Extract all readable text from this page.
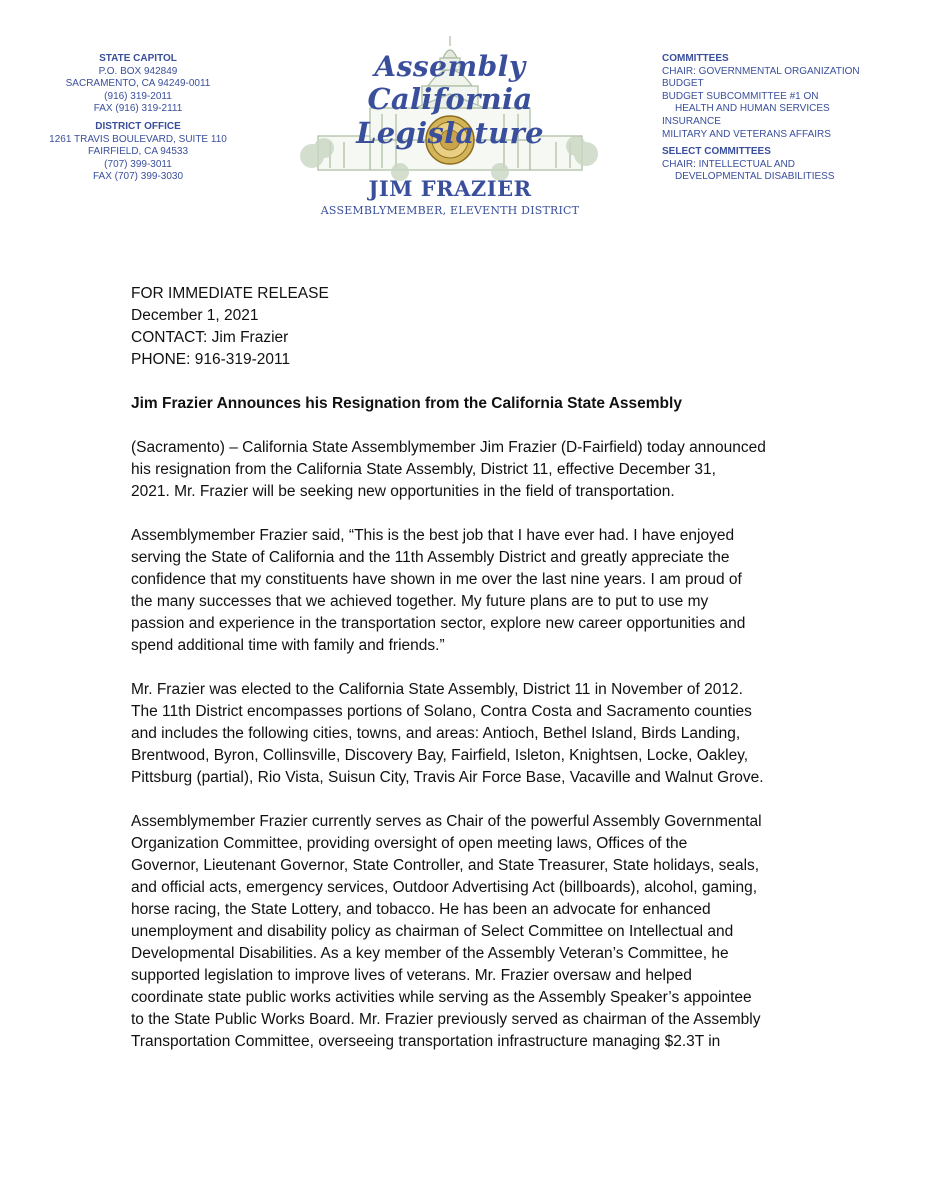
STATE CAPITOL
P.O. BOX 942849
SACRAMENTO, CA 94249-0011
(916) 319-2011
FAX (916) 319-2111
DISTRICT OFFICE
1261 TRAVIS BOULEVARD, SUITE 110
FAIRFIELD, CA 94533
(707) 399-3011
FAX (707) 399-3030
Assembly
California Legislature
JIM FRAZIER
ASSEMBLYMEMBER, ELEVENTH DISTRICT
COMMITTEES
CHAIR: GOVERNMENTAL ORGANIZATION
BUDGET
BUDGET SUBCOMMITTEE #1 ON
HEALTH AND HUMAN SERVICES
INSURANCE
MILITARY AND VETERANS AFFAIRS
SELECT COMMITTEES
CHAIR: INTELLECTUAL AND
DEVELOPMENTAL DISABILITIESS
FOR IMMEDIATE RELEASE
December 1, 2021
CONTACT: Jim Frazier
PHONE: 916-319-2011
Jim Frazier Announces his Resignation from the California State Assembly
(Sacramento) – California State Assemblymember Jim Frazier (D-Fairfield) today announced
his resignation from the California State Assembly, District 11, effective December 31,
2021. Mr. Frazier will be seeking new opportunities in the field of transportation.
Assemblymember Frazier said, “This is the best job that I have ever had. I have enjoyed
serving the State of California and the 11th Assembly District and greatly appreciate the
confidence that my constituents have shown in me over the last nine years. I am proud of
the many successes that we achieved together. My future plans are to put to use my
passion and experience in the transportation sector, explore new career opportunities and
spend additional time with family and friends.”
Mr. Frazier was elected to the California State Assembly, District 11 in November of 2012.
The 11th District encompasses portions of Solano, Contra Costa and Sacramento counties
and includes the following cities, towns, and areas: Antioch, Bethel Island, Birds Landing,
Brentwood, Byron, Collinsville, Discovery Bay, Fairfield, Isleton, Knightsen, Locke, Oakley,
Pittsburg (partial), Rio Vista, Suisun City, Travis Air Force Base, Vacaville and Walnut Grove.
Assemblymember Frazier currently serves as Chair of the powerful Assembly Governmental
Organization Committee, providing oversight of open meeting laws, Offices of the
Governor, Lieutenant Governor, State Controller, and State Treasurer, State holidays, seals,
and official acts, emergency services, Outdoor Advertising Act (billboards), alcohol, gaming,
horse racing, the State Lottery, and tobacco. He has been an advocate for enhanced
unemployment and disability policy as chairman of Select Committee on Intellectual and
Developmental Disabilities. As a key member of the Assembly Veteran’s Committee, he
supported legislation to improve lives of veterans. Mr. Frazier oversaw and helped
coordinate state public works activities while serving as the Assembly Speaker’s appointee
to the State Public Works Board. Mr. Frazier previously served as chairman of the Assembly
Transportation Committee, overseeing transportation infrastructure managing $2.3T in
